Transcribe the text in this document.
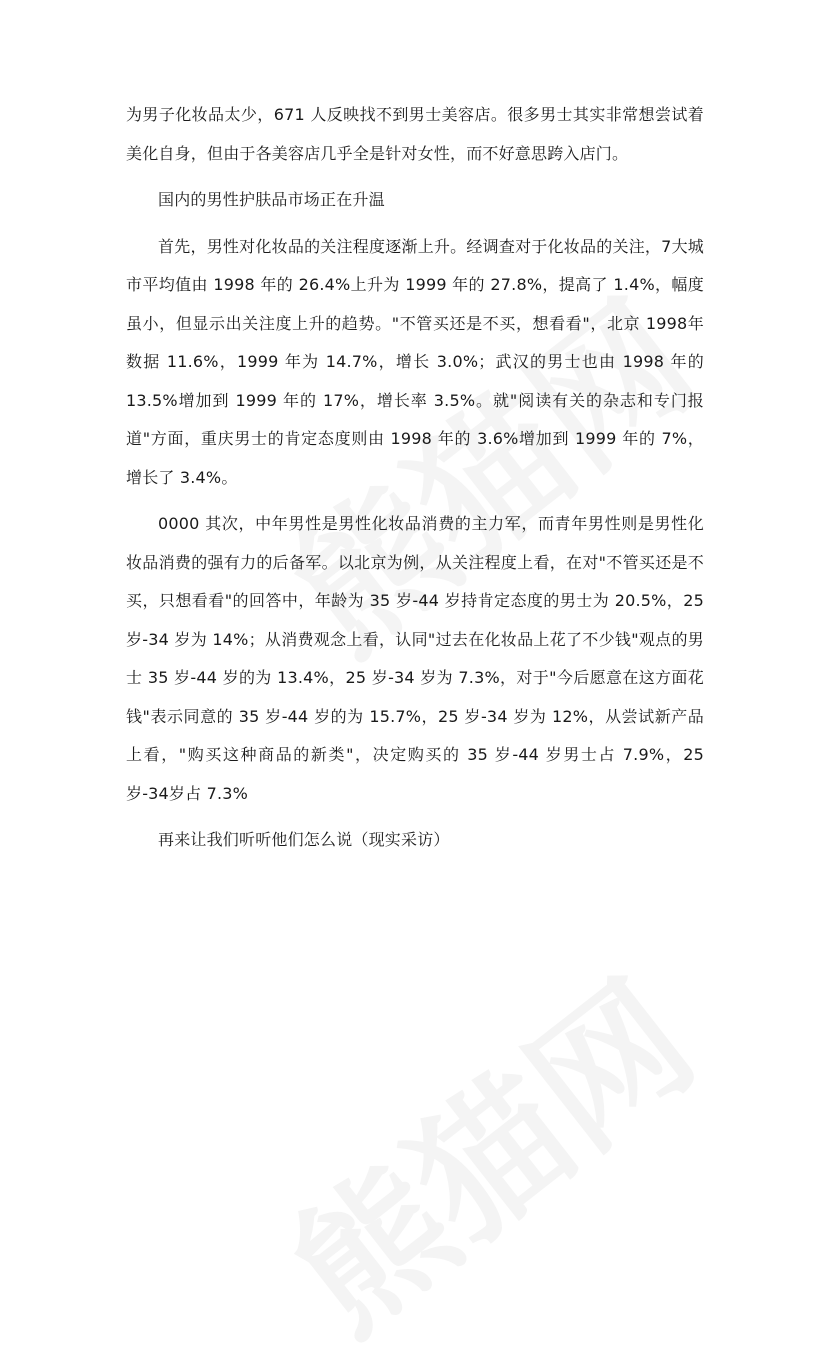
为男子化妆品太少，671 人反映找不到男士美容店。很多男士其实非常想尝试着美化自身，但由于各美容店几乎全是针对女性，而不好意思跨入店门。

国内的男性护肤品市场正在升温

首先，男性对化妆品的关注程度逐渐上升。经调查对于化妆品的关注，7大城市平均值由 1998 年的 26.4%上升为 1999 年的 27.8%，提高了 1.4%，幅度虽小，但显示出关注度上升的趋势。"不管买还是不买，想看看"，北京 1998年数据 11.6%，1999 年为 14.7%，增长 3.0%；武汉的男士也由 1998 年的13.5%增加到 1999 年的 17%，增长率 3.5%。就"阅读有关的杂志和专门报道"方面，重庆男士的肯定态度则由 1998 年的 3.6%增加到 1999 年的 7%，增长了 3.4%。

0000 其次，中年男性是男性化妆品消费的主力军，而青年男性则是男性化妆品消费的强有力的后备军。以北京为例，从关注程度上看，在对"不管买还是不买，只想看看"的回答中，年龄为 35 岁-44 岁持肯定态度的男士为 20.5%，25 岁-34 岁为 14%；从消费观念上看，认同"过去在化妆品上花了不少钱"观点的男士 35 岁-44 岁的为 13.4%，25 岁-34 岁为 7.3%，对于"今后愿意在这方面花钱"表示同意的 35 岁-44 岁的为 15.7%，25 岁-34 岁为 12%，从尝试新产品上看，"购买这种商品的新类"，决定购买的 35 岁-44 岁男士占 7.9%，25 岁-34岁占 7.3%

再来让我们听听他们怎么说（现实采访）
